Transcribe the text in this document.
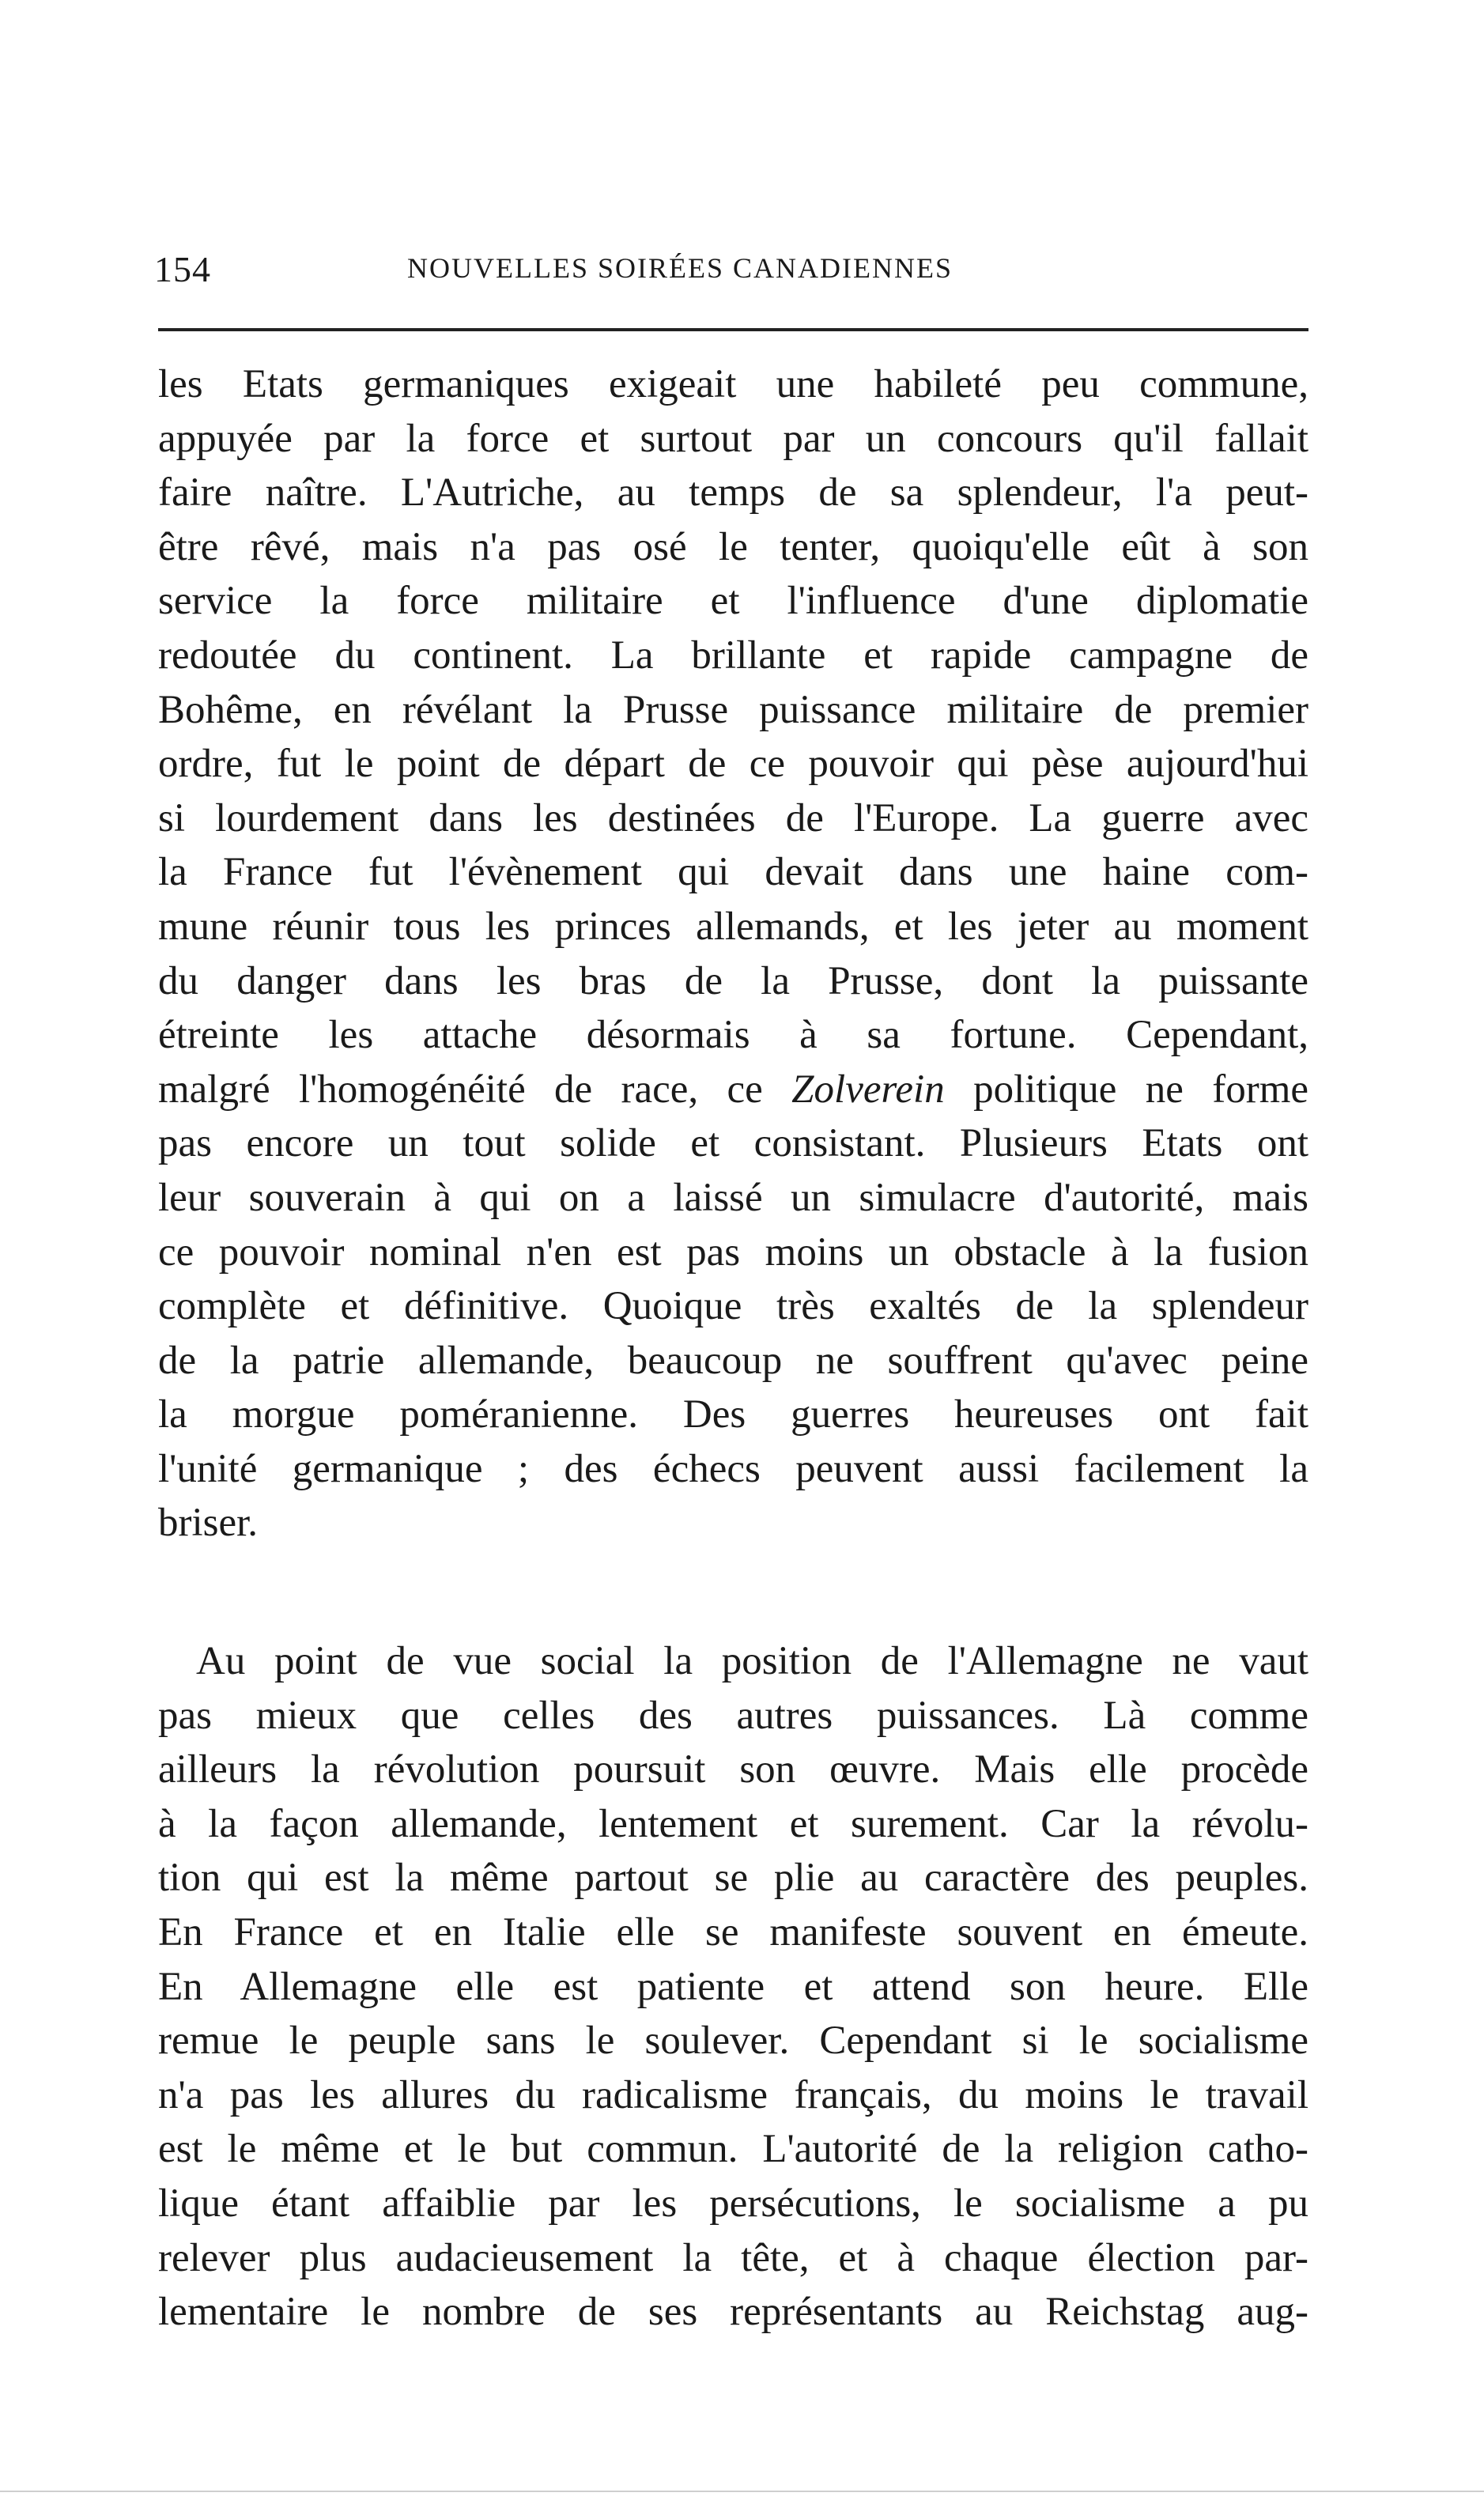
154	NOUVELLES SOIRÉES CANADIENNES
les Etats germaniques exigeait une habileté peu commune,
appuyée par la force et surtout par un concours qu'il fallait
faire naître. L'Autriche, au temps de sa splendeur, l'a peut-
être rêvé, mais n'a pas osé le tenter, quoiqu'elle eût à son
service la force militaire et l'influence d'une diplomatie
redoutée du continent. La brillante et rapide campagne de
Bohême, en révélant la Prusse puissance militaire de premier
ordre, fut le point de départ de ce pouvoir qui pèse aujourd'hui
si lourdement dans les destinées de l'Europe. La guerre avec
la France fut l'évènement qui devait dans une haine com-
mune réunir tous les princes allemands, et les jeter au moment
du danger dans les bras de la Prusse, dont la puissante
étreinte les attache désormais à sa fortune. Cependant,
malgré l'homogénéité de race, ce Zolverein politique ne forme
pas encore un tout solide et consistant. Plusieurs Etats ont
leur souverain à qui on a laissé un simulacre d'autorité, mais
ce pouvoir nominal n'en est pas moins un obstacle à la fusion
complète et définitive. Quoique très exaltés de la splendeur
de la patrie allemande, beaucoup ne souffrent qu'avec peine
la morgue poméranienne. Des guerres heureuses ont fait
l'unité germanique ; des échecs peuvent aussi facilement la
briser.
Au point de vue social la position de l'Allemagne ne vaut
pas mieux que celles des autres puissances. Là comme
ailleurs la révolution poursuit son œuvre. Mais elle procède
à la façon allemande, lentement et surement. Car la révolu-
tion qui est la même partout se plie au caractère des peuples.
En France et en Italie elle se manifeste souvent en émeute.
En Allemagne elle est patiente et attend son heure. Elle
remue le peuple sans le soulever. Cependant si le socialisme
n'a pas les allures du radicalisme français, du moins le travail
est le même et le but commun. L'autorité de la religion catho-
lique étant affaiblie par les persécutions, le socialisme a pu
relever plus audacieusement la tête, et à chaque élection par-
lementaire le nombre de ses représentants au Reichstag aug-
